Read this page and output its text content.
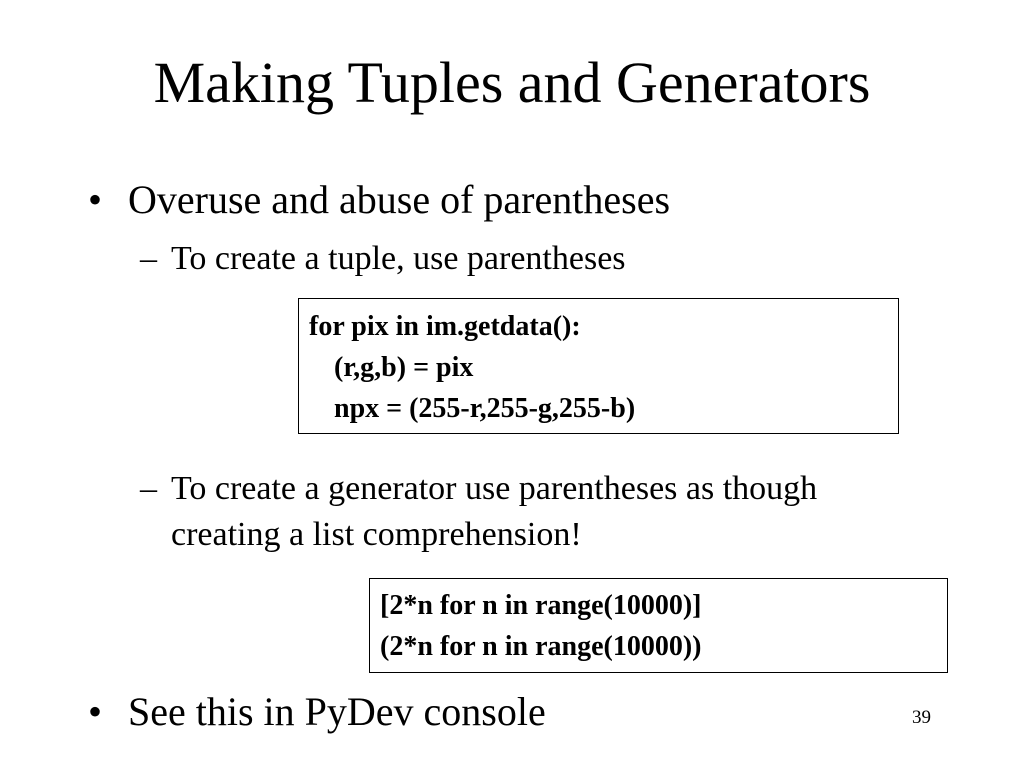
Making Tuples and Generators
• Overuse and abuse of parentheses
– To create a tuple, use parentheses
for pix in im.getdata():
(r,g,b) = pix
npx = (255-r,255-g,255-b)
– To create a generator use parentheses as though
creating a list comprehension!
[2*n for n in range(10000)]
(2*n for n in range(10000))
• See this in PyDev console	39
